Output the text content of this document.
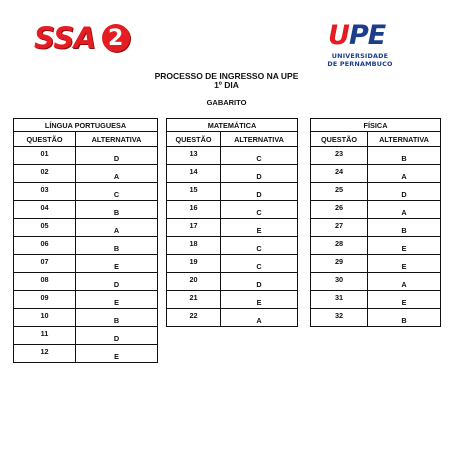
SSA 2	UPE
UNIVERSIDADE
DE PERNAMBUCO
PROCESSO DE INGRESSO NA UPE
1º DIA
GABARITO
LÍNGUA PORTUGUESA	
QUESTÃO	ALTERNATIVA
01	D
02	A
03	C
04	B
05	A
06	B
07	E
08	D
09	E
10	B
11	D
12	E
MATEMÁTICA	
QUESTÃO	ALTERNATIVA
13	C
14	D
15	D
16	C
17	E
18	C
19	C
20	D
21	E
22	A
FÍSICA	
QUESTÃO	ALTERNATIVA
23	B
24	A
25	D
26	A
27	B
28	E
29	E
30	A
31	E
32	B
